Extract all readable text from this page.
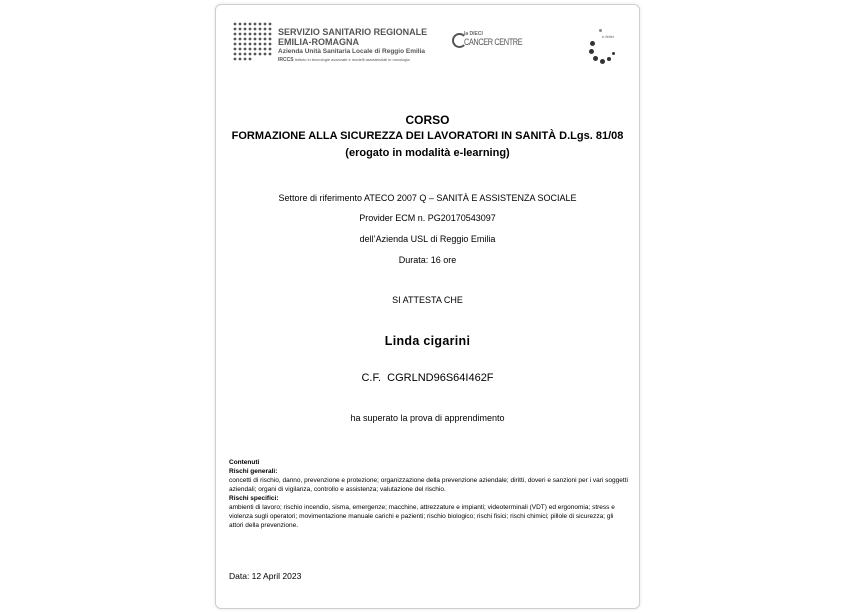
SERVIZIO SANITARIO REGIONALE
EMILIA-ROMAGNA
Azienda Unità Sanitaria Locale di Reggio Emilia
IRCCS Istituto in tecnologie avanzate e modelli assistenziali in oncologia
la DIECI
CANCER CENTRE
e-fidier
CORSO
FORMAZIONE ALLA SICUREZZA DEI LAVORATORI IN SANITÀ D.Lgs. 81/08
(erogato in modalità e-learning)
Settore di riferimento ATECO 2007 Q – SANITÀ E ASSISTENZA SOCIALE
Provider ECM n. PG20170543097
dell’Azienda USL di Reggio Emilia
Durata: 16 ore
SI ATTESTA CHE
Linda cigarini
C.F. CGRLND96S64I462F
ha superato la prova di apprendimento
Contenuti
Rischi generali:
concetti di rischio, danno, prevenzione e protezione; organizzazione della prevenzione aziendale; diritti, doveri e sanzioni per i vari soggetti aziendali; organi di vigilanza, controllo e assistenza; valutazione del rischio.
Rischi specifici:
ambienti di lavoro; rischio incendio, sisma, emergenze; macchine, attrezzature e impianti; videoterminali (VDT) ed ergonomia; stress e violenza sugli operatori; movimentazione manuale carichi e pazienti; rischio biologico; rischi fisici; rischi chimici; pillole di sicurezza; gli attori della prevenzione.
Data: 12 April 2023
